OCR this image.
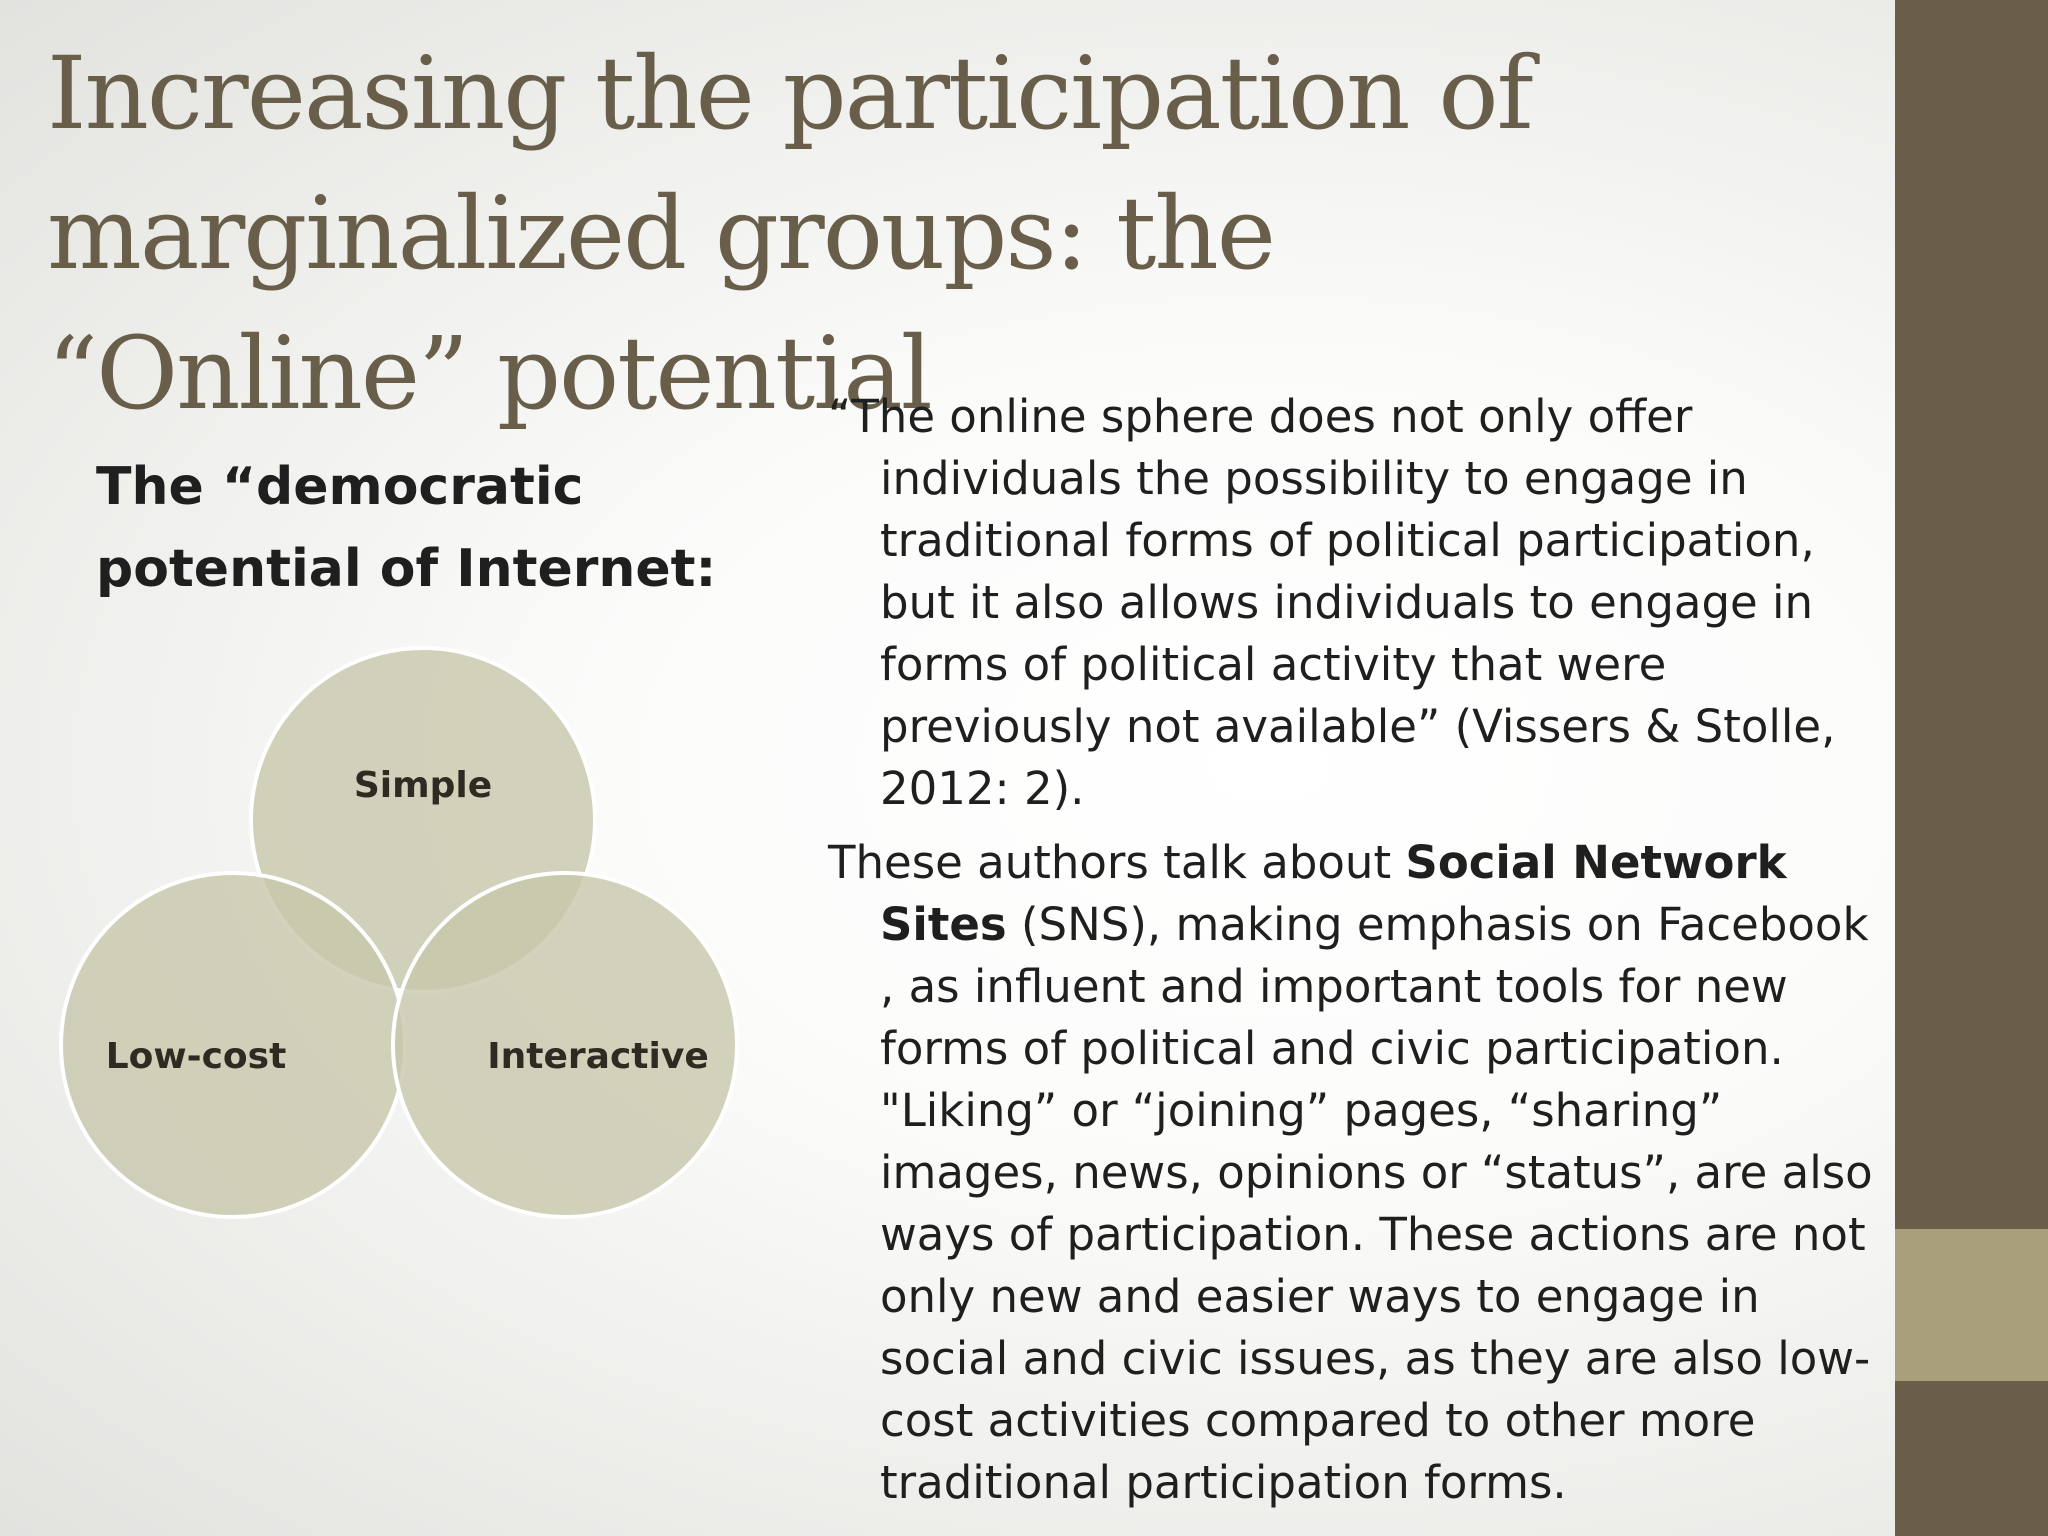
Increasing the participation of marginalized groups: the “Online” potential
The “democratic potential of Internet:
Simple
Low-cost	Interactive

“The online sphere does not only offer individuals the possibility to engage in traditional forms of political participation, but it also allows individuals to engage in forms of political activity that were previously not available” (Vissers & Stolle, 2012: 2).

These authors talk about Social Network Sites (SNS), making emphasis on Facebook , as influent and important tools for new forms of political and civic participation. "Liking” or “joining” pages, “sharing” images, news, opinions or “status”, are also ways of participation. These actions are not only new and easier ways to engage in social and civic issues, as they are also low-cost activities compared to other more traditional participation forms.
